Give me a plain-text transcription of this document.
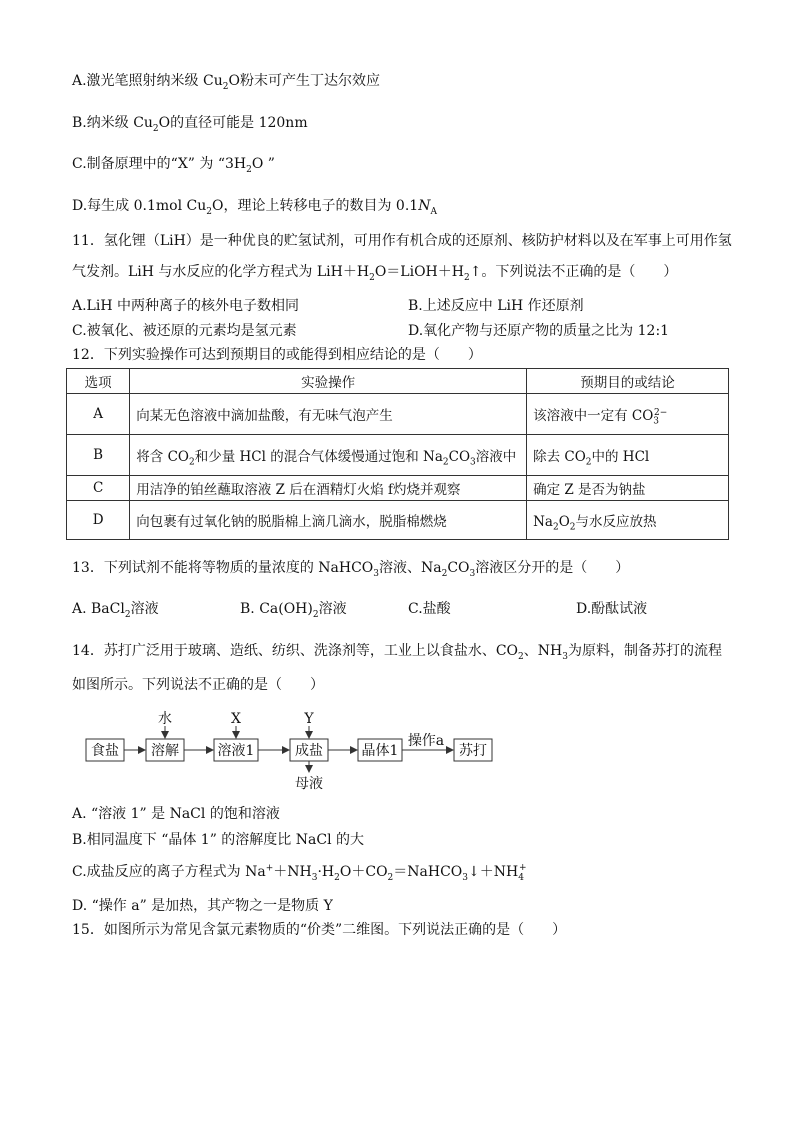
A.激光笔照射纳米级 $Cu_2O$粉末可产生丁达尔效应
B.纳米级 $Cu_2O$的直径可能是 120nm
C.制备原理中的“X” 为 “$3H_2O$ ”
D.每生成 0.1mol $Cu_2O$，理论上转移电子的数目为 $0.1N_A$
11．氢化锂（LiH）是一种优良的贮氢试剂，可用作有机合成的还原剂、核防护材料以及在军事上可用作氢
气发剂。LiH 与水反应的化学方程式为 $LiH+H_2O=LiOH+H_2↑$。下列说法不正确的是（　　）
A.LiH 中两种离子的核外电子数相同	B.上述反应中 LiH 作还原剂
C.被氧化、被还原的元素均是氢元素	D.氧化产物与还原产物的质量之比为 12:1
12．下列实验操作可达到预期目的或能得到相应结论的是（　　）
选项	实验操作	预期目的或结论
A	向某无色溶液中滴加盐酸，有无味气泡产生	该溶液中一定有 $CO_3^{2-}$
B	将含 $CO_2$和少量 HCl 的混合气体缓慢通过饱和 $Na_2CO_3$溶液中	除去 $CO_2$中的 HCl
C	用洁净的铂丝蘸取溶液 Z 后在酒精灯火焰 f灼烧并观察	确定 Z 是否为钠盐
D	向包裹有过氧化钠的脱脂棉上滴几滴水，脱脂棉燃烧	$Na_2O_2$与水反应放热
13．下列试剂不能将等物质的量浓度的 NaHCO$_3$溶液、$Na_2CO_3$溶液区分开的是（　　）
A. BaCl$_2$溶液	B. $Ca(OH)_2$溶液	C.盐酸	D.酚酞试液
14．苏打广泛用于玻璃、造纸、纺织、洗涤剂等，工业上以食盐水、$CO_2$、$NH_3$为原料，制备苏打的流程
如图所示。下列说法不正确的是（　　）
食盐 溶解	溶液1	成盐	晶体1	苏打
操作a
水	X	Y
母液
A. “溶液 1” 是 NaCl 的饱和溶液
B.相同温度下 “晶体 1” 的溶解度比 NaCl 的大
C.成盐反应的离子方程式为 $Na^++NH_3\cdot H_2O+CO_2=NaHCO_3↓+NH_4^+$
D. “操作 a” 是加热，其产物之一是物质 Y
15．如图所示为常见含氯元素物质的“价类”二维图。下列说法正确的是（　　）
